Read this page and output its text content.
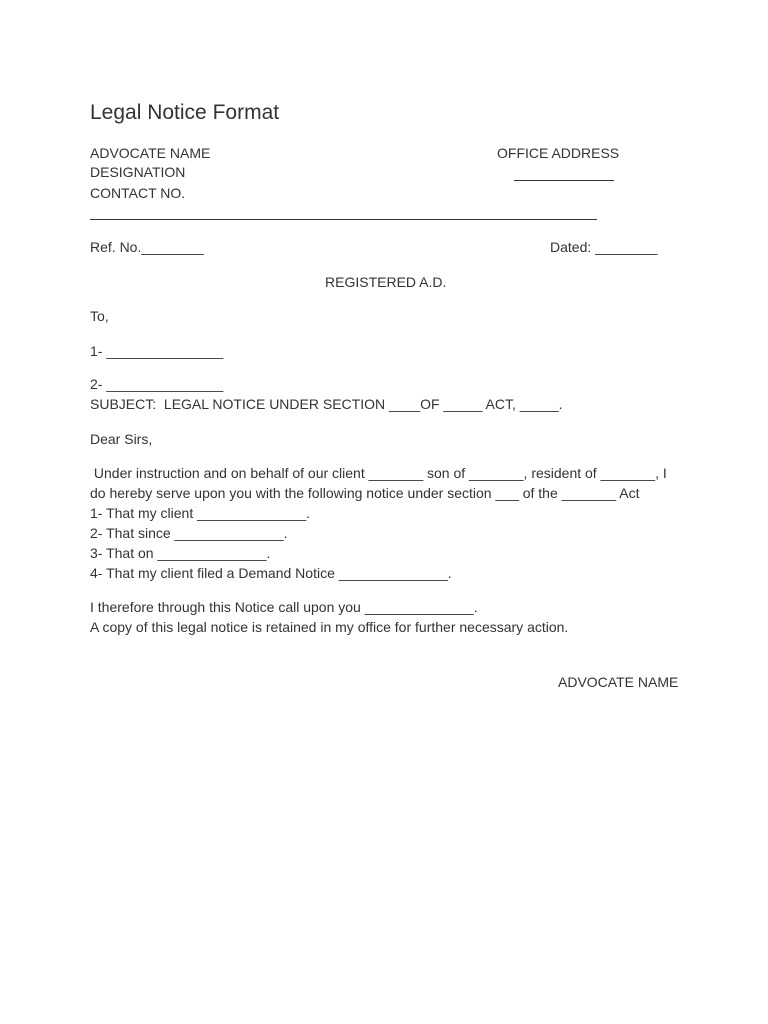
Legal Notice Format
ADVOCATE NAME
DESIGNATION
CONTACT NO.
OFFICE ADDRESS
Ref. No.________	Dated: ________
REGISTERED A.D.
To,
1- _______________
2- _______________
SUBJECT:  LEGAL NOTICE UNDER SECTION ____OF _____ ACT, _____.
Dear Sirs,
Under instruction and on behalf of our client _______ son of _______, resident of _______, I
do hereby serve upon you with the following notice under section ___ of the _______ Act
1- That my client ______________.
2- That since ______________.
3- That on ______________.
4- That my client filed a Demand Notice ______________.
I therefore through this Notice call upon you ______________.
A copy of this legal notice is retained in my office for further necessary action.
ADVOCATE NAME
